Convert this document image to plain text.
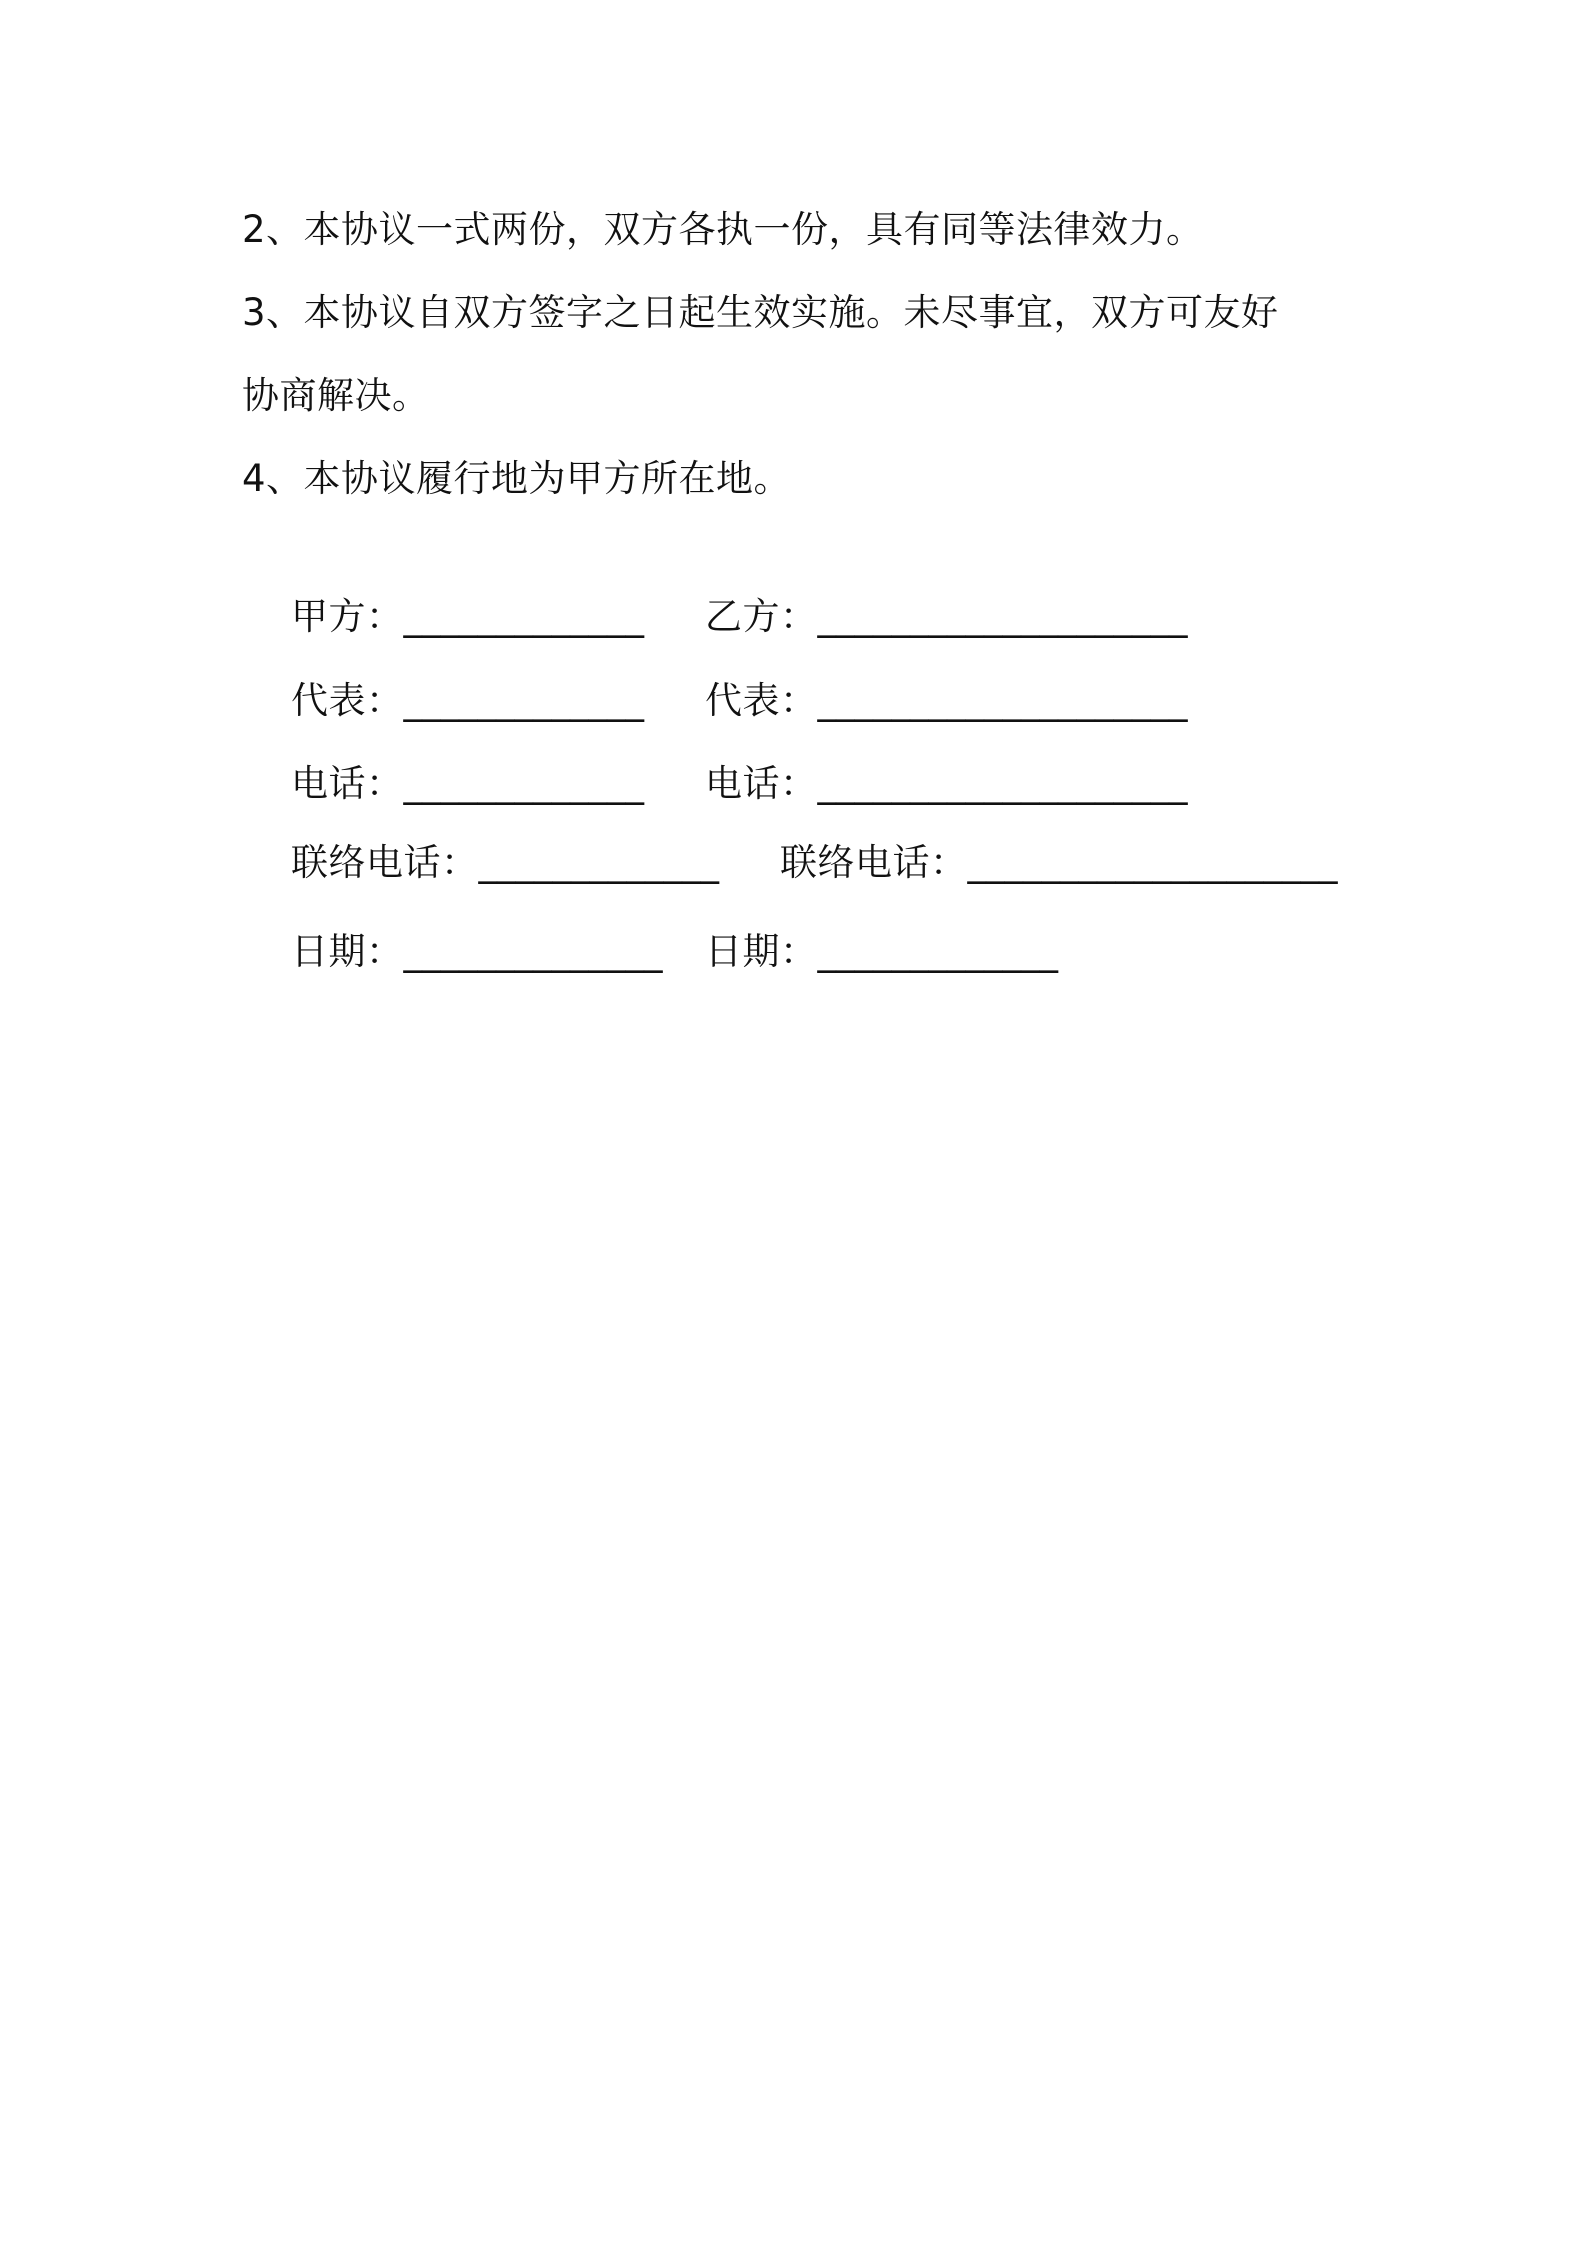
2、本协议一式两份，双方各执一份，具有同等法律效力。
3、本协议自双方签字之日起生效实施。未尽事宜，双方可友好
协商解决。
4、本协议履行地为甲方所在地。

甲方：_____________
	乙方：____________________

代表：_____________
	代表：____________________

电话：_____________
	电话：____________________

联络电话：_____________
	联络电话：____________________

日期：______________
	日期：_____________
